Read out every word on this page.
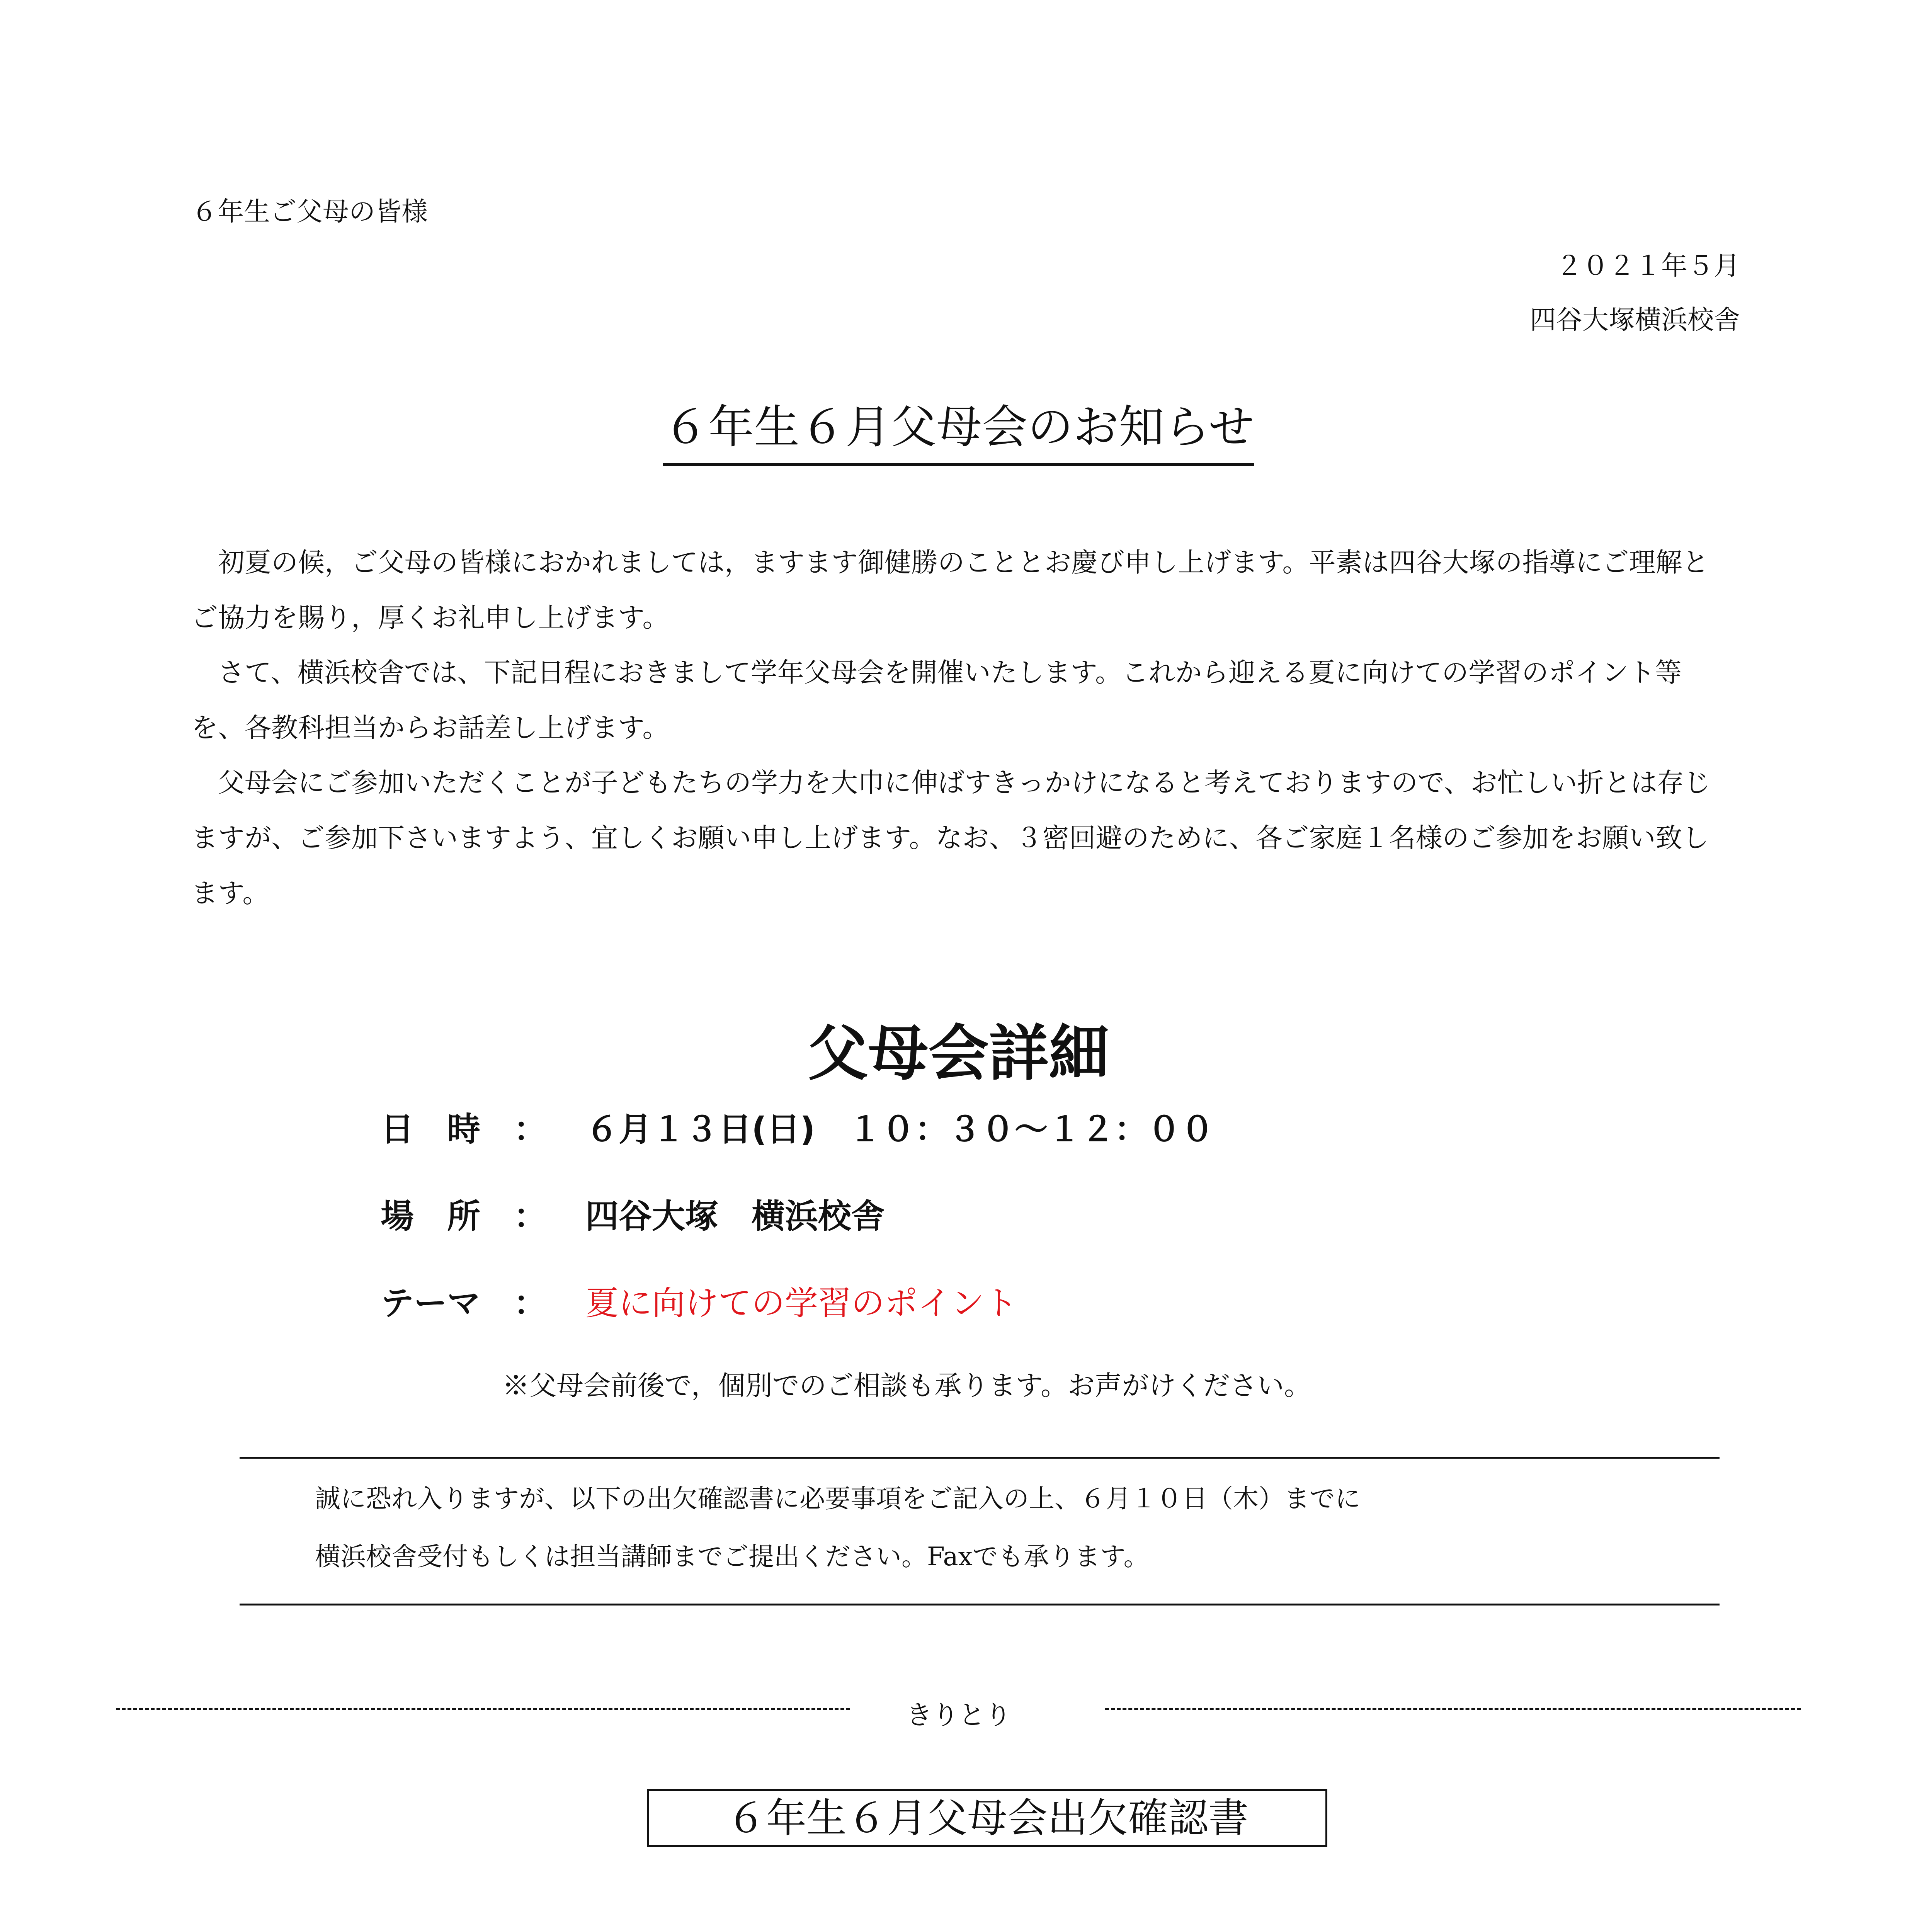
６年生ご父母の皆様
２０２１年５月
四谷大塚横浜校舎
６年生６月父母会のお知らせ

初夏の候，ご父母の皆様におかれましては，ますます御健勝のこととお慶び申し上げます。平素は四谷大塚の指導にご理解とご協力を賜り，厚くお礼申し上げます。

さて、横浜校舎では、下記日程におきまして学年父母会を開催いたします。これから迎える夏に向けての学習のポイント等を、各教科担当からお話差し上げます。

父母会にご参加いただくことが子どもたちの学力を大巾に伸ばすきっかけになると考えておりますので、お忙しい折とは存じますが、ご参加下さいますよう、宜しくお願い申し上げます。なお、３密回避のために、各ご家庭１名様のご参加をお願い致します。

父母会詳細
日　時　： ６月１３日(日)　１０：３０～１２：００
場　所　： 四谷大塚　横浜校舎
テーマ　： 夏に向けての学習のポイント
※父母会前後で，個別でのご相談も承ります。お声がけください。
誠に恐れ入りますが、以下の出欠確認書に必要事項をご記入の上、６月１０日（木）までに
横浜校舎受付もしくは担当講師までご提出ください。Faxでも承ります。
きりとり
６年生６月父母会出欠確認書
